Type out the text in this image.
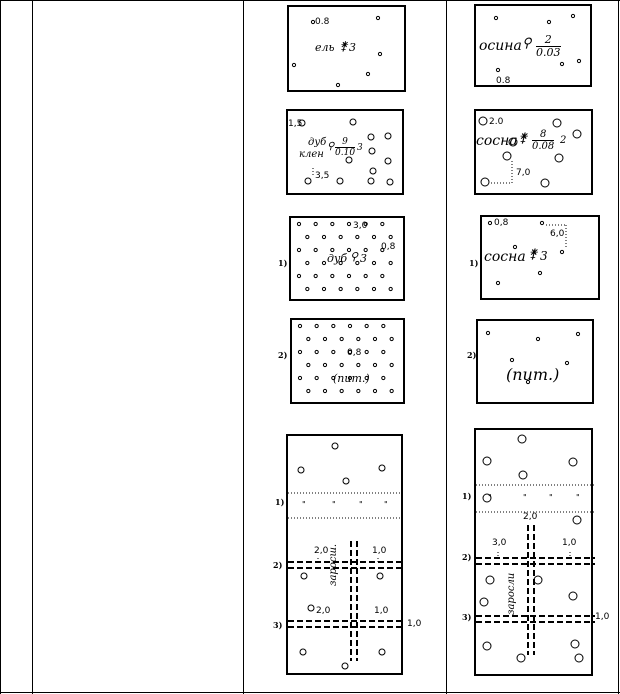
0.8
ель ⚵ 3
1,5
дуб
клен
⚲ $\frac{9}{0.10} 3$
3,5
3,0
0,8
дуб ⚲ 3
1)
0,8
(пит.)
2)
"	"	"	"
2,0	1,0
2,0	1,0
заросш.
1)
2)
3)	1,0
осина ⚲ $\frac{2}{0.03}$
0.8
2.0
сосна ⚵ $\frac{8}{0.08} 2$
7,0
0,8
6,0
сосна ⚵ 3
1)
(пит.)
2)
"	"	"	"
2,0
3,0	1,0
заросли
1)
2)
3)	1,0
